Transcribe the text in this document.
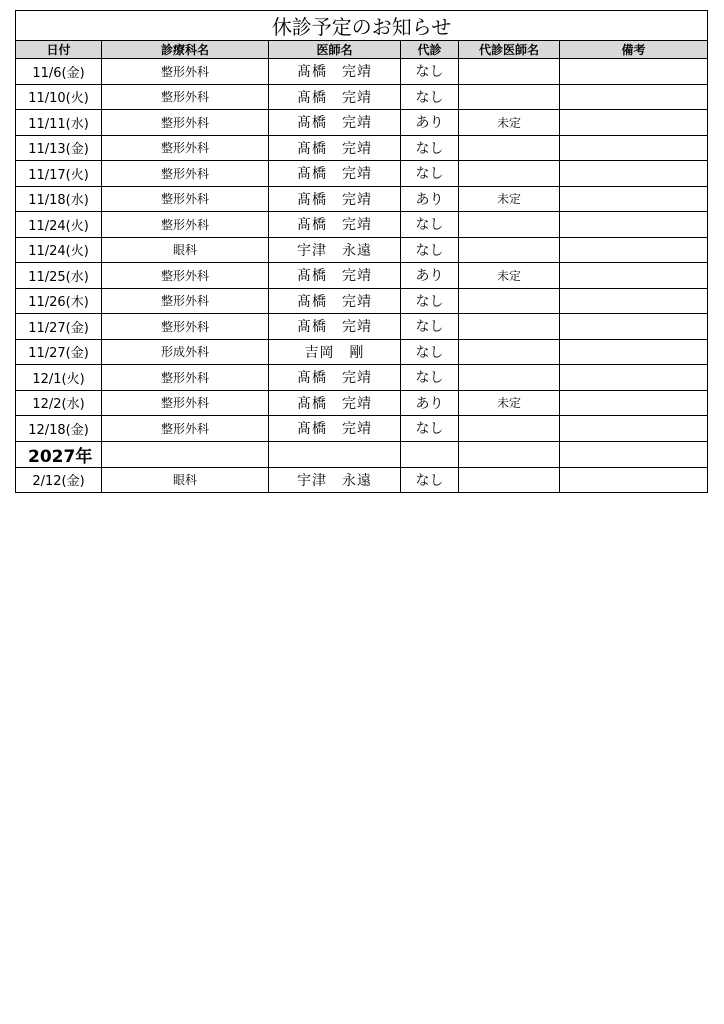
休診予定のお知らせ					
日付	診療科名	医師名	代診	代診医師名	備考
11/6(金)	整形外科	髙橋　完靖	なし		
11/10(火)	整形外科	髙橋　完靖	なし		
11/11(水)	整形外科	髙橋　完靖	あり	未定	
11/13(金)	整形外科	髙橋　完靖	なし		
11/17(火)	整形外科	髙橋　完靖	なし		
11/18(水)	整形外科	髙橋　完靖	あり	未定	
11/24(火)	整形外科	髙橋　完靖	なし		
11/24(火)	眼科	宇津　永遠	なし		
11/25(水)	整形外科	髙橋　完靖	あり	未定	
11/26(木)	整形外科	髙橋　完靖	なし		
11/27(金)	整形外科	髙橋　完靖	なし		
11/27(金)	形成外科	吉岡　剛	なし		
12/1(火)	整形外科	髙橋　完靖	なし		
12/2(水)	整形外科	髙橋　完靖	あり	未定	
12/18(金)	整形外科	髙橋　完靖	なし		
2027年					
2/12(金)	眼科	宇津　永遠	なし		
